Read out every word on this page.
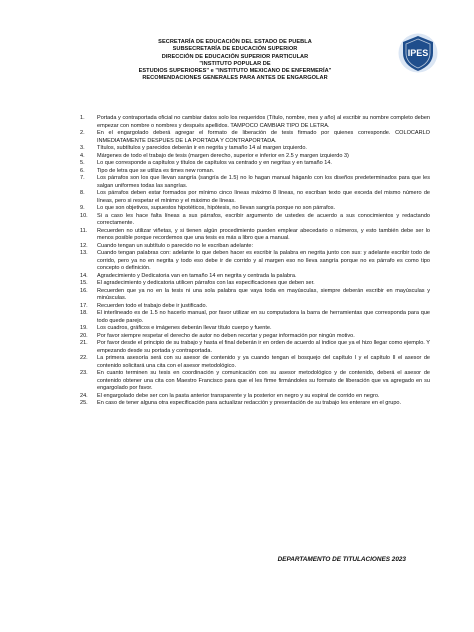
SECRETARÍA DE EDUCACIÓN DEL ESTADO DE PUEBLA
SUBSECRETARÍA DE EDUCACIÓN SUPERIOR
DIRECCIÓN DE EDUCACIÓN SUPERIOR PARTICULAR
"INSTITUTO POPULAR DE
ESTUDIOS SUPERIORES" e "INSTITUTO MEXICANO DE ENFERMERÍA"
RECOMENDACIONES GENERALES PARA ANTES DE ENGARGOLAR
IPES
1. Portada y contraportada oficial no cambiar datos solo los requeridos (Título, nombre, mes y año) al escribir su nombre completo deben empezar con nombre o nombres y después apellidos. TAMPOCO CAMBIAR TIPO DE LETRA.
2. En el engargolado deberá agregar el formato de liberación de tesis firmado por quienes corresponde. COLOCARLO INMEDIATAMENTE DESPUES DE LA PORTADA Y CONTRAPORTADA.
3. Títulos, subtítulos y parecidos deberán ir en negrita y tamaño 14 al margen izquierdo.
4. Márgenes de todo el trabajo de tesis (margen derecho, superior e inferior en 2.5 y margen izquierdo 3)
5. Lo que corresponde a capítulos y títulos de capítulos va centrado y en negritas y en tamaño 14.
6. Tipo de letra que se utiliza es times new roman.
7. Los párrafos son los que llevan sangría (sangría de 1.5) no lo hagan manual háganlo con los diseños predeterminados para que les salgan uniformes todas las sangrías.
8. Los párrafos deben estar formados por mínimo cinco líneas máximo 8 líneas, no escriban texto que exceda del mismo número de líneas, pero si respetar el mínimo y el máximo de líneas.
9. Lo que son objetivos, supuestos hipotéticos, hipótesis, no llevan sangría porque no son párrafos.
10. Si a caso les hace falta líneas a sus párrafos, escribir argumento de ustedes de acuerdo a sus conocimientos y redactando correctamente.
11. Recuerden no utilizar viñetas, y si tienen algún procedimiento pueden emplear abecedario o números, y esto también debe ser lo menos posible porque recordemos que una tesis es más a libro que a manual.
12. Cuando tengan un subtítulo o parecido no le escriban adelante:
13. Cuando tengan palabras con: adelante lo que deben hacer es escribir la palabra en negrita junto con sus: y adelante escribir todo de corrido, pero ya no en negrita y todo eso debe ir de corrido y al margen eso no lleva sangría porque no es párrafo es como tipo concepto o definición.
14. Agradecimiento y Dedicatoria van en tamaño 14 en negrita y centrada la palabra.
15. El agradecimiento y dedicatoria utilicen párrafos con las especificaciones que deben ser.
16. Recuerden que ya no en la tesis ni una sola palabra que vaya toda en mayúsculas, siempre deberán escribir en mayúsculas y minúsculas.
17. Recuerden todo el trabajo debe ir justificado.
18. El interlineado es de 1.5 no hacerlo manual, por favor utilizar en su computadora la barra de herramientas que corresponda para que todo quede parejo.
19. Los cuadros, gráficos e imágenes deberán llevar título cuerpo y fuente.
20. Por favor siempre respetar el derecho de autor no deben recortar y pegar información por ningún motivo.
21. Por favor desde el principio de su trabajo y hasta el final deberán ir en orden de acuerdo al índice que ya el hizo llegar como ejemplo. Y empezando desde su portada y contraportada.
22. La primera asesoría será con su asesor de contenido y ya cuando tengan el bosquejo del capítulo I y el capítulo II el asesor de contenido solicitará una cita con el asesor metodológico.
23. En cuanto terminen su tesis en coordinación y comunicación con su asesor metodológico y de contenido, deberá el asesor de contenido obtener una cita con Maestro Francisco para que el les firme firmándoles su formato de liberación que va agregado en su engargolado por favor.
24. El engargolado debe ser con la pasta anterior transparente y la posterior en negro y su espiral de corrido en negro.
25. En caso de tener alguna otra especificación para actualizar redacción y presentación de su trabajo les enterare en el grupo.
DEPARTAMENTO DE TITULACIONES 2023
